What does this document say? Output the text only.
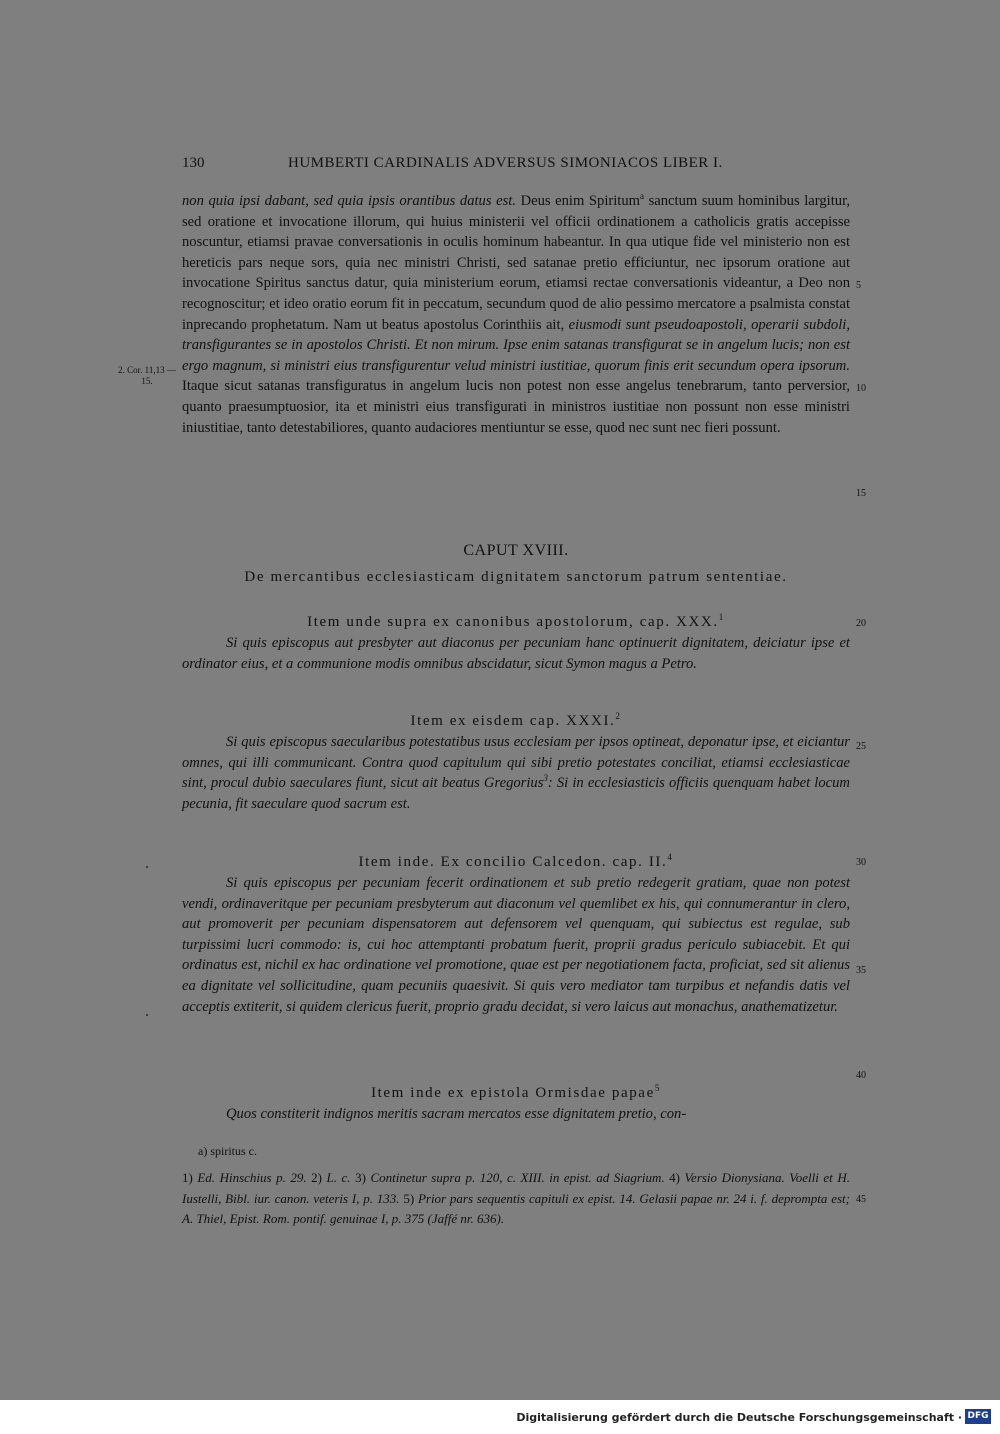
130	HUMBERTI CARDINALIS ADVERSUS SIMONIACOS LIBER I.
2. Cor. 11,13 —15.

non quia ipsi dabant, sed quia ipsis orantibus datus est. Deus enim Spiritum$^a$ sanctum suum hominibus largitur, sed oratione et invocatione illorum, qui huius ministerii vel officii ordinationem a catholicis gratis accepisse noscuntur, etiamsi pravae conversationis in oculis hominum habeantur. In qua utique fide vel ministerio non est hereticis pars neque sors, quia nec ministri Christi, sed satanae pretio efficiuntur, nec ipsorum oratione aut invocatione Spiritus sanctus datur, quia ministerium eorum, etiamsi rectae conversationis videantur, a Deo non recognoscitur; et ideo oratio eorum fit in peccatum, secundum quod de alio pessimo mercatore a psalmista constat inprecando prophetatum. Nam ut beatus apostolus Corinthiis ait, eiusmodi sunt pseudoapostoli, operarii subdoli, transfigurantes se in apostolos Christi. Et non mirum. Ipse enim satanas transfigurat se in angelum lucis; non est ergo magnum, si ministri eius transfigurentur velud ministri iustitiae, quorum finis erit secundum opera ipsorum. Itaque sicut satanas transfiguratus in angelum lucis non potest non esse angelus tenebrarum, tanto perversior, quanto praesumptuosior, ita et ministri eius transfigurati in ministros iustitiae non possunt non esse ministri iniustitiae, tanto detestabiliores, quanto audaciores mentiuntur se esse, quod nec sunt nec fieri possunt.

CAPUT XVIII.
De mercantibus ecclesiasticam dignitatem sanctorum patrum sententiae.
Item unde supra ex canonibus apostolorum, cap. XXX.$^1$

Si quis episcopus aut presbyter aut diaconus per pecuniam hanc optinuerit dignitatem, deiciatur ipse et ordinator eius, et a communione modis omnibus abscidatur, sicut Symon magus a Petro.

Item ex eisdem cap. XXXI.$^2$

Si quis episcopus saecularibus potestatibus usus ecclesiam per ipsos optineat, deponatur ipse, et eiciantur omnes, qui illi communicant. Contra quod capitulum qui sibi pretio potestates conciliat, etiamsi ecclesiasticae sint, procul dubio saeculares fiunt, sicut ait beatus Gregorius$^3$: Si in ecclesiasticis officiis quenquam habet locum pecunia, fit saeculare quod sacrum est.

Item inde. Ex concilio Calcedon. cap. II.$^4$

Si quis episcopus per pecuniam fecerit ordinationem et sub pretio redegerit gratiam, quae non potest vendi, ordinaveritque per pecuniam presbyterum aut diaconum vel quemlibet ex his, qui connumerantur in clero, aut promoverit per pecuniam dispensatorem aut defensorem vel quenquam, qui subiectus est regulae, sub turpissimi lucri commodo: is, cui hoc attemptanti probatum fuerit, proprii gradus periculo subiacebit. Et qui ordinatus est, nichil ex hac ordinatione vel promotione, quae est per negotiationem facta, proficiat, sed sit alienus ea dignitate vel sollicitudine, quam pecuniis quaesivit. Si quis vero mediator tam turpibus et nefandis datis vel acceptis extiterit, si quidem clericus fuerit, proprio gradu decidat, si vero laicus aut monachus, anathematizetur.

Item inde ex epistola Ormisdae papae$^5$

Quos constiterit indignos meritis sacram mercatos esse dignitatem pretio, con-

a) spiritus c.

1) Ed. Hinschius p. 29. 2) L. c. 3) Continetur supra p. 120, c. XIII. in epist. ad Siagrium. 4) Versio Dionysiana. Voelli et H. Iustelli, Bibl. iur. canon. veteris I, p. 133. 5) Prior pars sequentis capituli ex epist. 14. Gelasii papae nr. 24 i. f. deprompta est; A. Thiel, Epist. Rom. pontif. genuinae I, p. 375 (Jaffé nr. 636).

5
10
15
20
25
30
35
40
45
Digitalisierung gefördert durch die Deutsche Forschungsgemeinschaft · DFG
